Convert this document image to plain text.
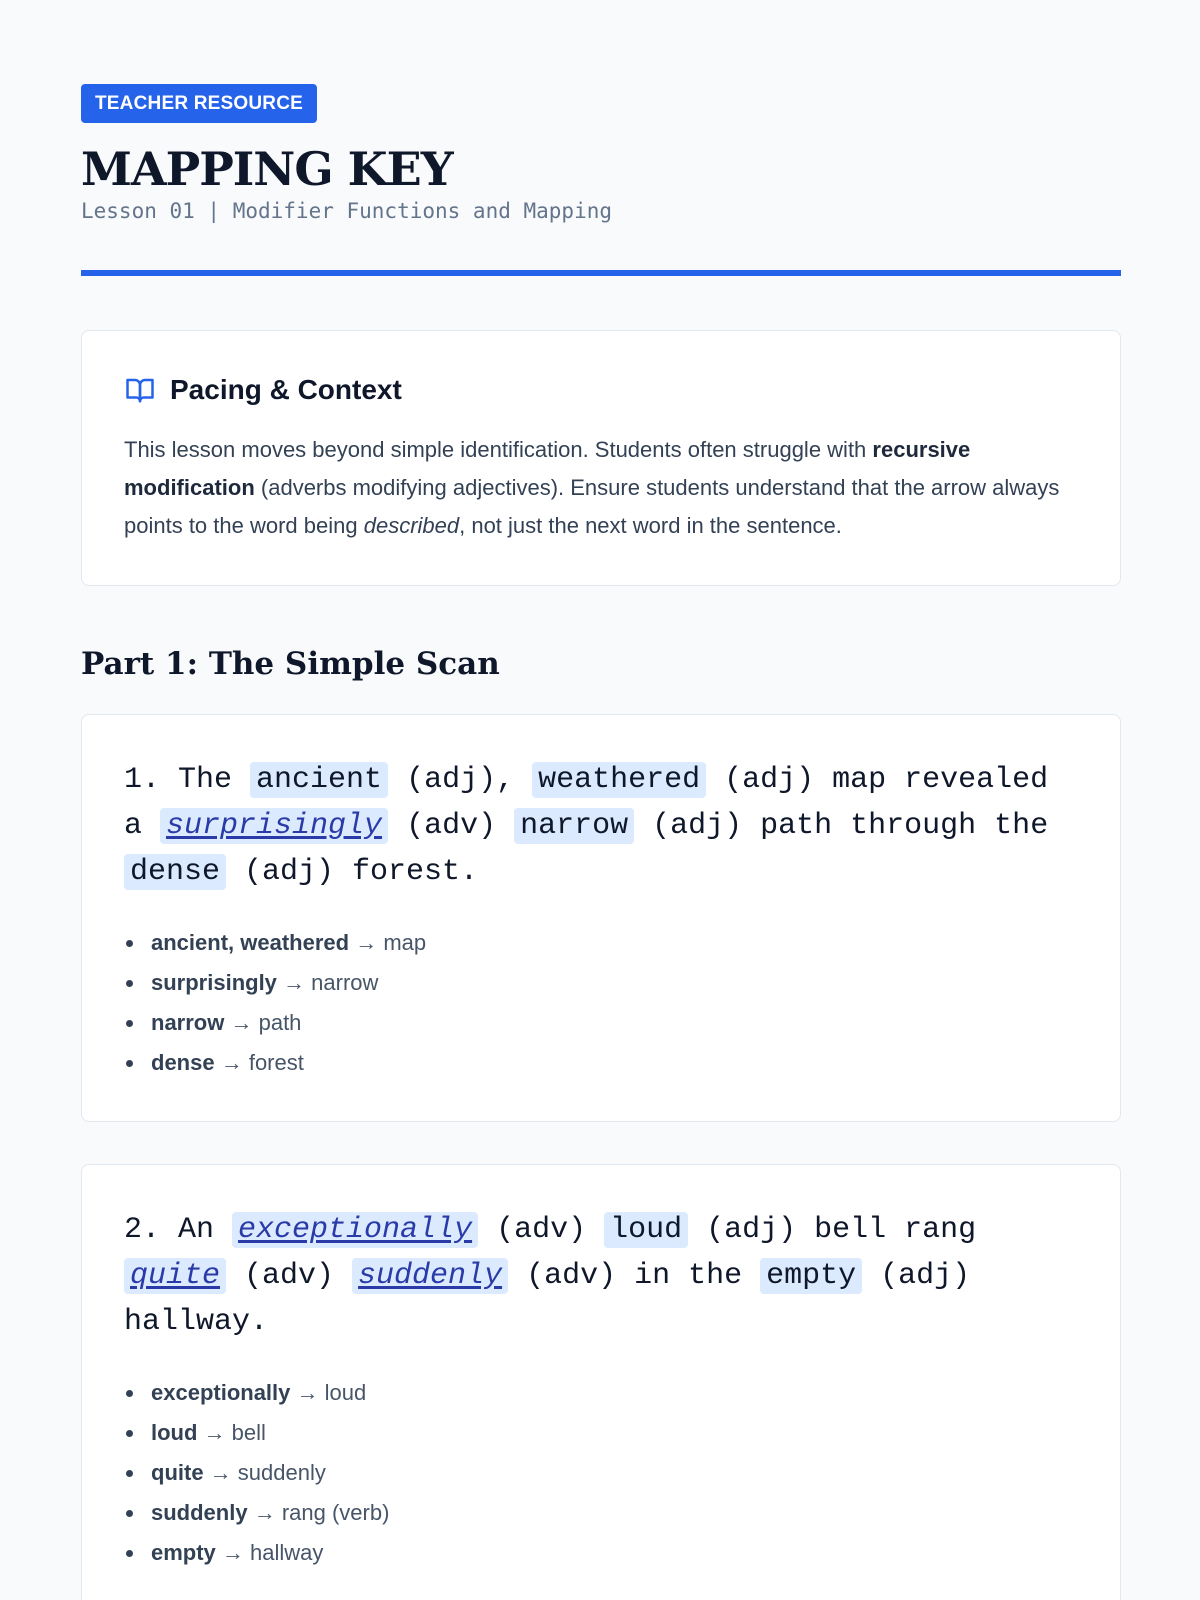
TEACHER RESOURCE
MAPPING KEY
Lesson 01 | Modifier Functions and Mapping
Pacing & Context

This lesson moves beyond simple identification. Students often struggle with recursive modification (adverbs modifying adjectives). Ensure students understand that the arrow always points to the word being described, not just the next word in the sentence.

Part 1: The Simple Scan

1. The ancient (adj), weathered (adj) map revealed a surprisingly (adv) narrow (adj) path through the dense (adj) forest.

ancient, weathered → map
surprisingly → narrow
narrow → path
dense → forest

2. An exceptionally (adv) loud (adj) bell rang quite (adv) suddenly (adv) in the empty (adj) hallway.

exceptionally → loud
loud → bell
quite → suddenly
suddenly → rang (verb)
empty → hallway
